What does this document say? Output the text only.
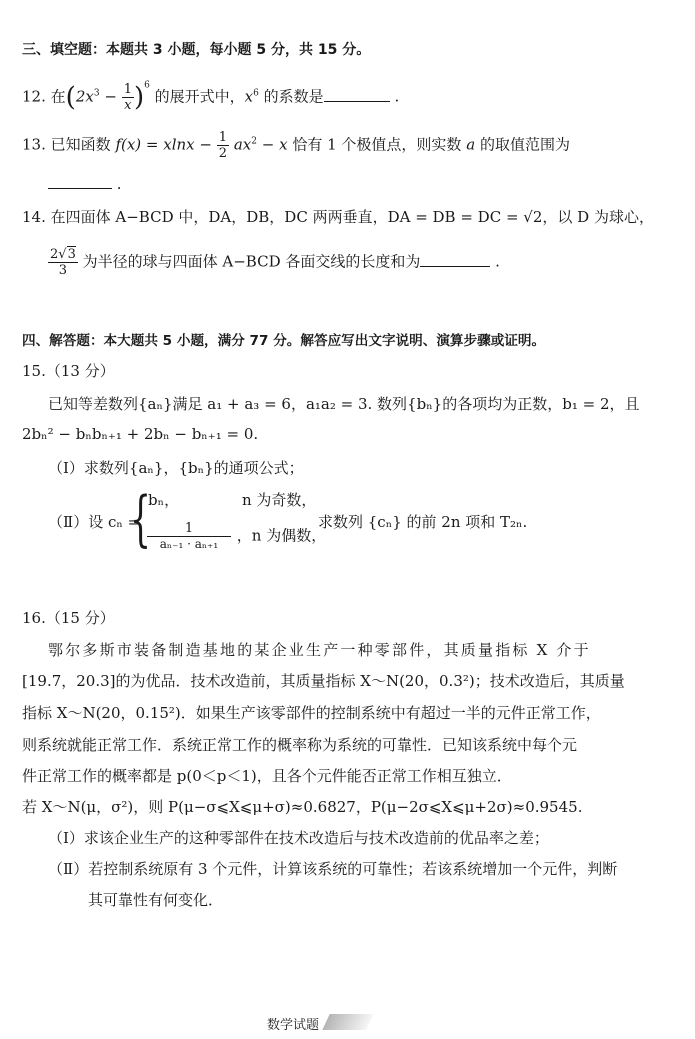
三、填空题：本题共 3 小题，每小题 5 分，共 15 分。
12. 在$(2x^3 - \frac{1}{x} )^6$ 的展开式中，$x^6$ 的系数是	.
13. 已知函数 $f(x) = xlnx - \frac{1}{2} ax^2 - x$ 恰有 1 个极值点，则实数 a 的取值范围为
.
14. 在四面体 A−BCD 中，DA，DB，DC 两两垂直，DA = DB = DC = √2，以 D 为球心，
$\frac{2√3}{3}$ 为半径的球与四面体 A−BCD 各面交线的长度和为	.
四、解答题：本大题共 5 小题，满分 77 分。解答应写出文字说明、演算步骤或证明。
15.（13 分）
已知等差数列{aₙ}满足 a₁ + a₃ = 6，a₁a₂ = 3. 数列{bₙ}的各项均为正数，b₁ = 2，且
2bₙ² − bₙbₙ₊₁ + 2bₙ − bₙ₊₁ = 0.
（Ⅰ）求数列{aₙ}，{bₙ}的通项公式；
（Ⅱ）设 cₙ =
{
bₙ，	n 为奇数，
$\frac{1}{\text{aₙ₋₁ · aₙ₊₁}}$ ，n 为偶数，
求数列 {cₙ} 的前 2n 项和 T₂ₙ.
16.（15 分）
鄂尔多斯市装备制造基地的某企业生产一种零部件，其质量指标 X 介于
[19.7，20.3]的为优品．技术改造前，其质量指标 X～N(20，0.3²)；技术改造后，其质量
指标 X～N(20，0.15²)．如果生产该零部件的控制系统中有超过一半的元件正常工作，
则系统就能正常工作．系统正常工作的概率称为系统的可靠性．已知该系统中每个元
件正常工作的概率都是 p(0＜p＜1)，且各个元件能否正常工作相互独立．
若 X～N(μ，σ²)，则 P(μ−σ⩽X⩽μ+σ)≈0.6827，P(μ−2σ⩽X⩽μ+2σ)≈0.9545.
（Ⅰ）求该企业生产的这种零部件在技术改造后与技术改造前的优品率之差；
（Ⅱ）若控制系统原有 3 个元件，计算该系统的可靠性；若该系统增加一个元件，判断
其可靠性有何变化．
数学试题
